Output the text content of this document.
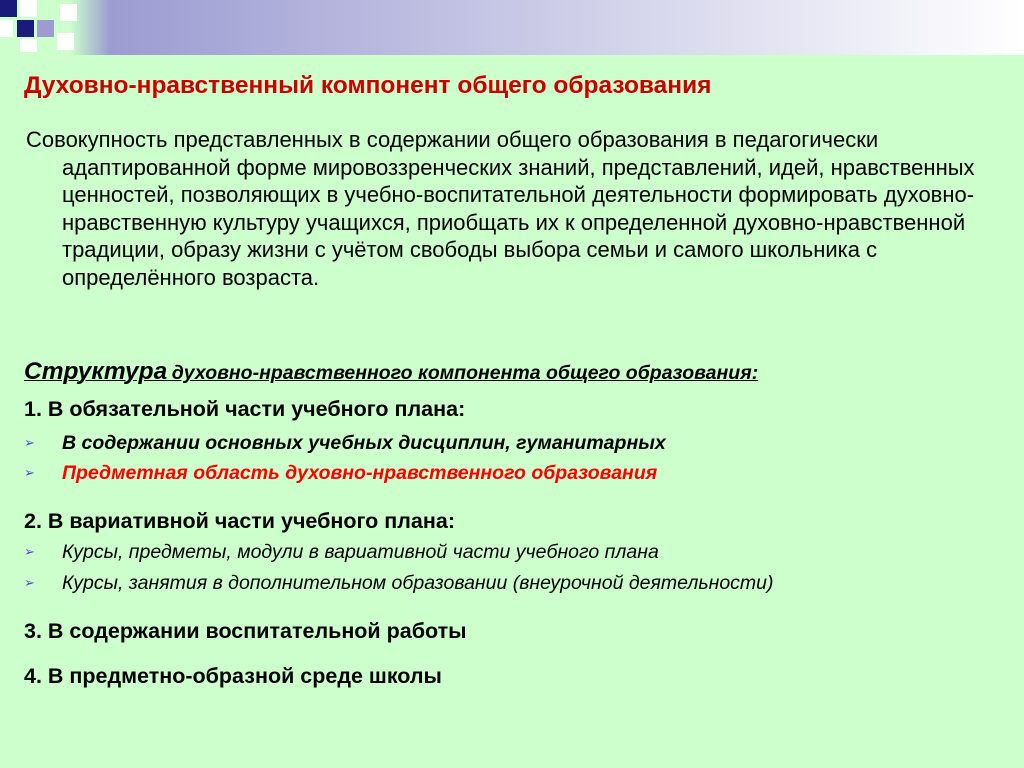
Духовно-нравственный компонент общего образования
Совокупность представленных в содержании общего образования в педагогически адаптированной форме мировоззренческих знаний, представлений, идей, нравственных ценностей, позволяющих в учебно-воспитательной деятельности формировать духовно-нравственную культуру учащихся, приобщать их к определенной духовно-нравственной традиции, образу жизни с учётом свободы выбора семьи и самого школьника с определённого возраста.
Структура духовно-нравственного компонента общего образования:
1. В обязательной части учебного плана:
➢ В содержании основных учебных дисциплин, гуманитарных
➢ Предметная область духовно-нравственного образования
2. В вариативной части учебного плана:
➢ Курсы, предметы, модули в вариативной части учебного плана
➢ Курсы, занятия в дополнительном образовании (внеурочной деятельности)
3. В содержании воспитательной работы
4. В предметно-образной среде школы
